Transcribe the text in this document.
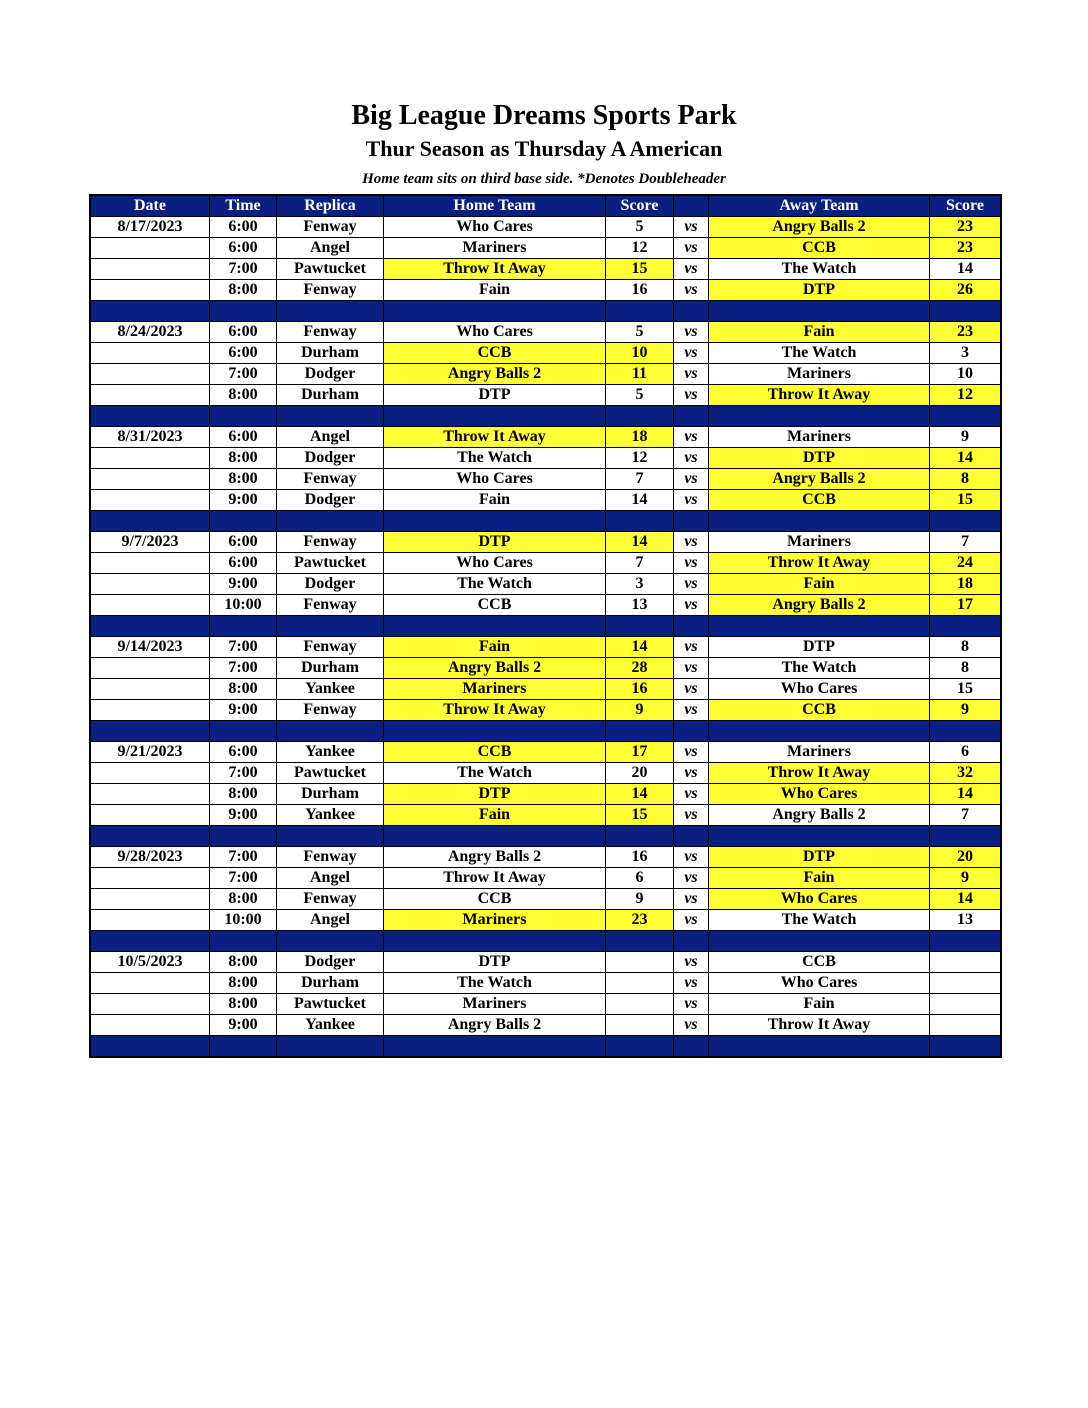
Big League Dreams Sports Park
Thur Season as Thursday A American
Home team sits on third base side. *Denotes Doubleheader
Date	Time	Replica	Home Team	Score		Away Team	Score
8/17/2023	6:00	Fenway	Who Cares	5	vs	Angry Balls 2	23
	6:00	Angel	Mariners	12	vs	CCB	23
	7:00	Pawtucket	Throw It Away	15	vs	The Watch	14
	8:00	Fenway	Fain	16	vs	DTP	26

8/24/2023	6:00	Fenway	Who Cares	5	vs	Fain	23
	6:00	Durham	CCB	10	vs	The Watch	3
	7:00	Dodger	Angry Balls 2	11	vs	Mariners	10
	8:00	Durham	DTP	5	vs	Throw It Away	12

8/31/2023	6:00	Angel	Throw It Away	18	vs	Mariners	9
	8:00	Dodger	The Watch	12	vs	DTP	14
	8:00	Fenway	Who Cares	7	vs	Angry Balls 2	8
	9:00	Dodger	Fain	14	vs	CCB	15

9/7/2023	6:00	Fenway	DTP	14	vs	Mariners	7
	6:00	Pawtucket	Who Cares	7	vs	Throw It Away	24
	9:00	Dodger	The Watch	3	vs	Fain	18
	10:00	Fenway	CCB	13	vs	Angry Balls 2	17

9/14/2023	7:00	Fenway	Fain	14	vs	DTP	8
	7:00	Durham	Angry Balls 2	28	vs	The Watch	8
	8:00	Yankee	Mariners	16	vs	Who Cares	15
	9:00	Fenway	Throw It Away	9	vs	CCB	9

9/21/2023	6:00	Yankee	CCB	17	vs	Mariners	6
	7:00	Pawtucket	The Watch	20	vs	Throw It Away	32
	8:00	Durham	DTP	14	vs	Who Cares	14
	9:00	Yankee	Fain	15	vs	Angry Balls 2	7

9/28/2023	7:00	Fenway	Angry Balls 2	16	vs	DTP	20
	7:00	Angel	Throw It Away	6	vs	Fain	9
	8:00	Fenway	CCB	9	vs	Who Cares	14
	10:00	Angel	Mariners	23	vs	The Watch	13

10/5/2023	8:00	Dodger	DTP		vs	CCB	
	8:00	Durham	The Watch		vs	Who Cares	
	8:00	Pawtucket	Mariners		vs	Fain	
	9:00	Yankee	Angry Balls 2		vs	Throw It Away	
